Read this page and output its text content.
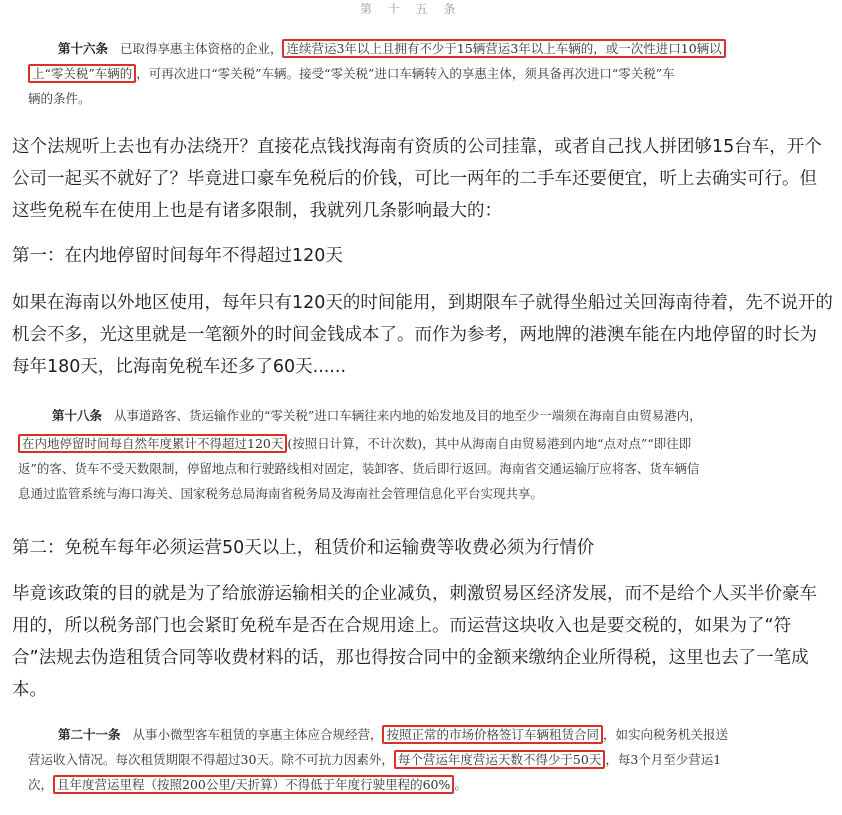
第 十 五 条
第十六条 已取得享惠主体资格的企业， 连续营运3年以上且拥有不少于15辆营运3年以上车辆的，或一次性进口10辆以
上“零关税”车辆的 ，可再次进口“零关税”车辆。接受“零关税”进口车辆转入的享惠主体，须具备再次进口“零关税”车
辆的条件。
这个法规听上去也有办法绕开？直接花点钱找海南有资质的公司挂靠，或者自己找人拼团够15台车，开个公司一起买不就好了？毕竟进口豪车免税后的价钱，可比一两年的二手车还要便宜，听上去确实可行。但这些免税车在使用上也是有诸多限制，我就列几条影响最大的：
第一：在内地停留时间每年不得超过120天
如果在海南以外地区使用，每年只有120天的时间能用，到期限车子就得坐船过关回海南待着，先不说开的机会不多，光这里就是一笔额外的时间金钱成本了。而作为参考，两地牌的港澳车能在内地停留的时长为每年180天，比海南免税车还多了60天......
第十八条 从事道路客、货运输作业的“零关税”进口车辆往来内地的始发地及目的地至少一端须在海南自由贸易港内，
在内地停留时间每自然年度累计不得超过120天 (按照日计算，不计次数)，其中从海南自由贸易港到内地“点对点”“即往即
返”的客、货车不受天数限制，停留地点和行驶路线相对固定，装卸客、货后即行返回。海南省交通运输厅应将客、货车辆信
息通过监管系统与海口海关、国家税务总局海南省税务局及海南社会管理信息化平台实现共享。
第二：免税车每年必须运营50天以上，租赁价和运输费等收费必须为行情价
毕竟该政策的目的就是为了给旅游运输相关的企业减负，刺激贸易区经济发展，而不是给个人买半价豪车用的，所以税务部门也会紧盯免税车是否在合规用途上。而运营这块收入也是要交税的，如果为了“符合”法规去伪造租赁合同等收费材料的话，那也得按合同中的金额来缴纳企业所得税，这里也去了一笔成本。
第二十一条 从事小微型客车租赁的享惠主体应合规经营， 按照正常的市场价格签订车辆租赁合同 ，如实向税务机关报送
营运收入情况。每次租赁期限不得超过30天。除不可抗力因素外， 每个营运年度营运天数不得少于50天 ，每3个月至少营运1
次， 且年度营运里程（按照200公里/天折算）不得低于年度行驶里程的60% 。
